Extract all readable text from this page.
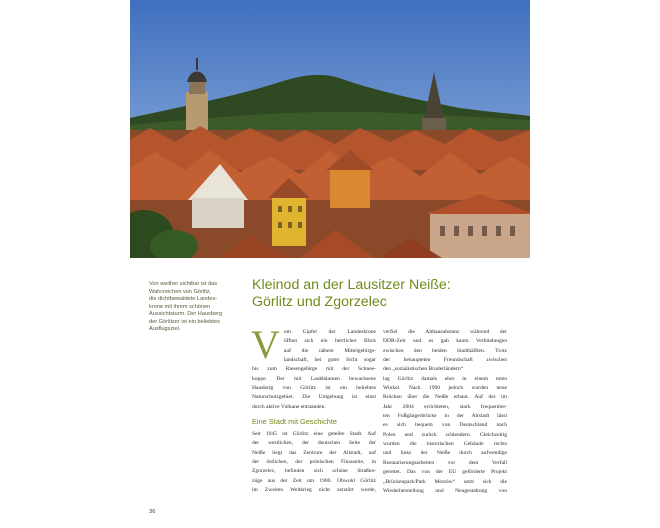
Von weither sichtbar ist das
Wahrzeichen von Görlitz,
die dichtbewaldete Landes-
krone mit ihrem schönen
Aussichtsturm. Der Hausberg
der Görlitzer ist ein beliebtes
Ausflugsziel.
Kleinod an der Lausitzer Neiße:
Görlitz und Zgorzelec
V om Gipfel der Landeskrone
öffnet sich ein herrlicher Blick
auf die nähere Mittelgebirgs-
landschaft, bei guter Sicht sogar
bis zum Riesengebirge mit der Schnee-
koppe. Der mit Laubbäumen bewachsene
Hausberg von Görlitz ist ein beliebtes
Naturschutzgebiet. Die Umgebung ist einst
durch aktive Vulkane entstanden.
Eine Stadt mit Geschichte
Seit 1945 ist Görlitz eine geteilte Stadt. Auf
der westlichen, der deutschen Seite der
Neiße liegt das Zentrum der Altstadt, auf
der östlichen, der polnischen Flussseite, in
Zgorzelec, befinden sich schöne Straßen-
züge aus der Zeit um 1900. Obwohl Görlitz
im Zweiten Weltkrieg nicht zerstört wurde,
verfiel die Altbausubstanz während der
DDR-Zeit und es gab kaum Verbindungen
zwischen den beiden Stadthälften. Trotz
der behaupteten Freundschaft zwischen
den „sozialistischen Bruderländern“
lag Görlitz damals eher in einem toten
Winkel. Nach 1990 jedoch wurden neue
Brücken über die Neiße erbaut. Auf der im
Jahr 2004 errichteten, stark frequentier-
ten Fußgängerbrücke in der Altstadt lässt
es sich bequem von Deutschland nach
Polen und zurück schlendern. Gleichzeitig
wurden die historischen Gebäude rechts
und links der Neiße durch aufwendige
Restaurierungsarbeiten vor dem Verfall
gerettet. Das von der EU geförderte Projekt
„Brückenpark/Park Mostów“ setzt sich die
Wiederherstellung und Neugestaltung von
36
